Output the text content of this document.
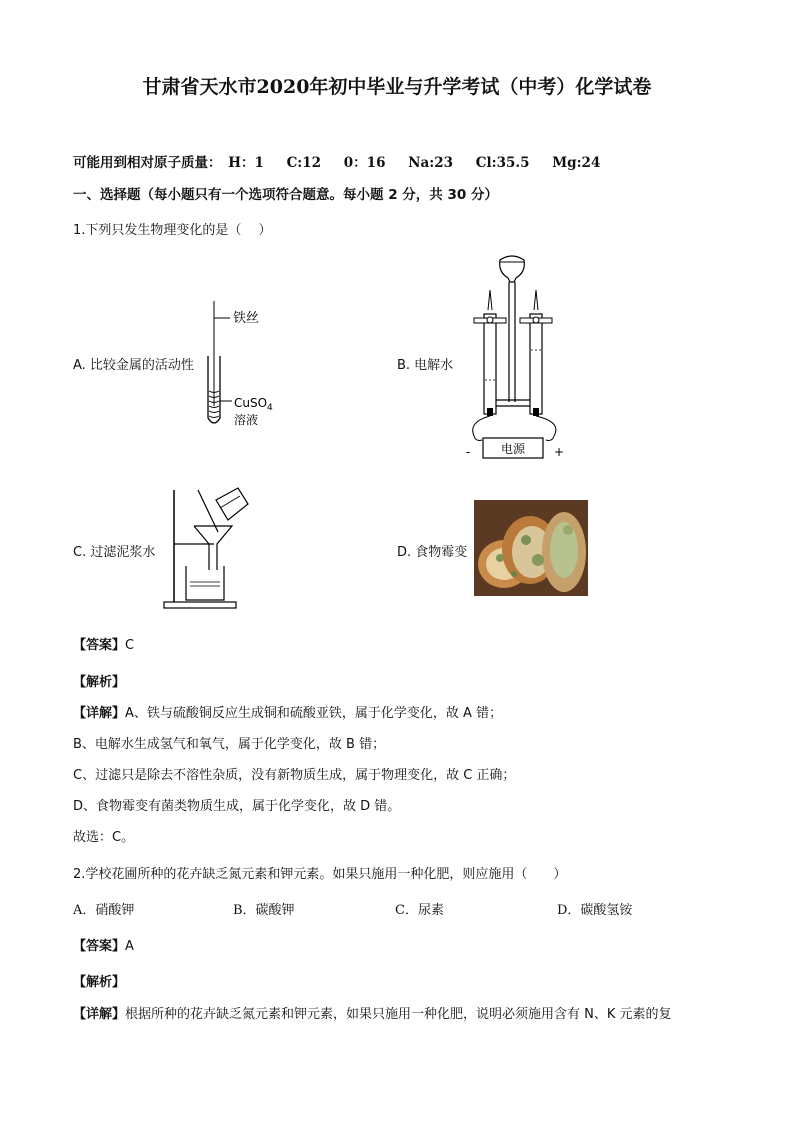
甘肃省天水市2020年初中毕业与升学考试（中考）化学试卷
可能用到相对原子质量： H：1 C:12 0：16 Na:23 Cl:35.5 Mg:24
一、选择题（每小题只有一个选项符合题意。每小题 2 分，共 30 分）
1.下列只发生物理变化的是（　 ）
A. 比较金属的活动性
铁丝
CuSO$_4$
溶液
B. 电解水
电源
-	+
C. 过滤泥浆水	D. 食物霉变
【答案】C
【解析】
【详解】A、铁与硫酸铜反应生成铜和硫酸亚铁，属于化学变化，故 A 错；
B、电解水生成氢气和氧气，属于化学变化，故 B 错；
C、过滤只是除去不溶性杂质，没有新物质生成，属于物理变化，故 C 正确；
D、食物霉变有菌类物质生成，属于化学变化，故 D 错。
故选：C。
2.学校花圃所种的花卉缺乏氮元素和钾元素。如果只施用一种化肥，则应施用（　　）
A．硝酸钾	B．碳酸钾	C．尿素	D．碳酸氢铵
【答案】A
【解析】
【详解】根据所种的花卉缺乏氮元素和钾元素，如果只施用一种化肥，说明必须施用含有 N、K 元素的复
